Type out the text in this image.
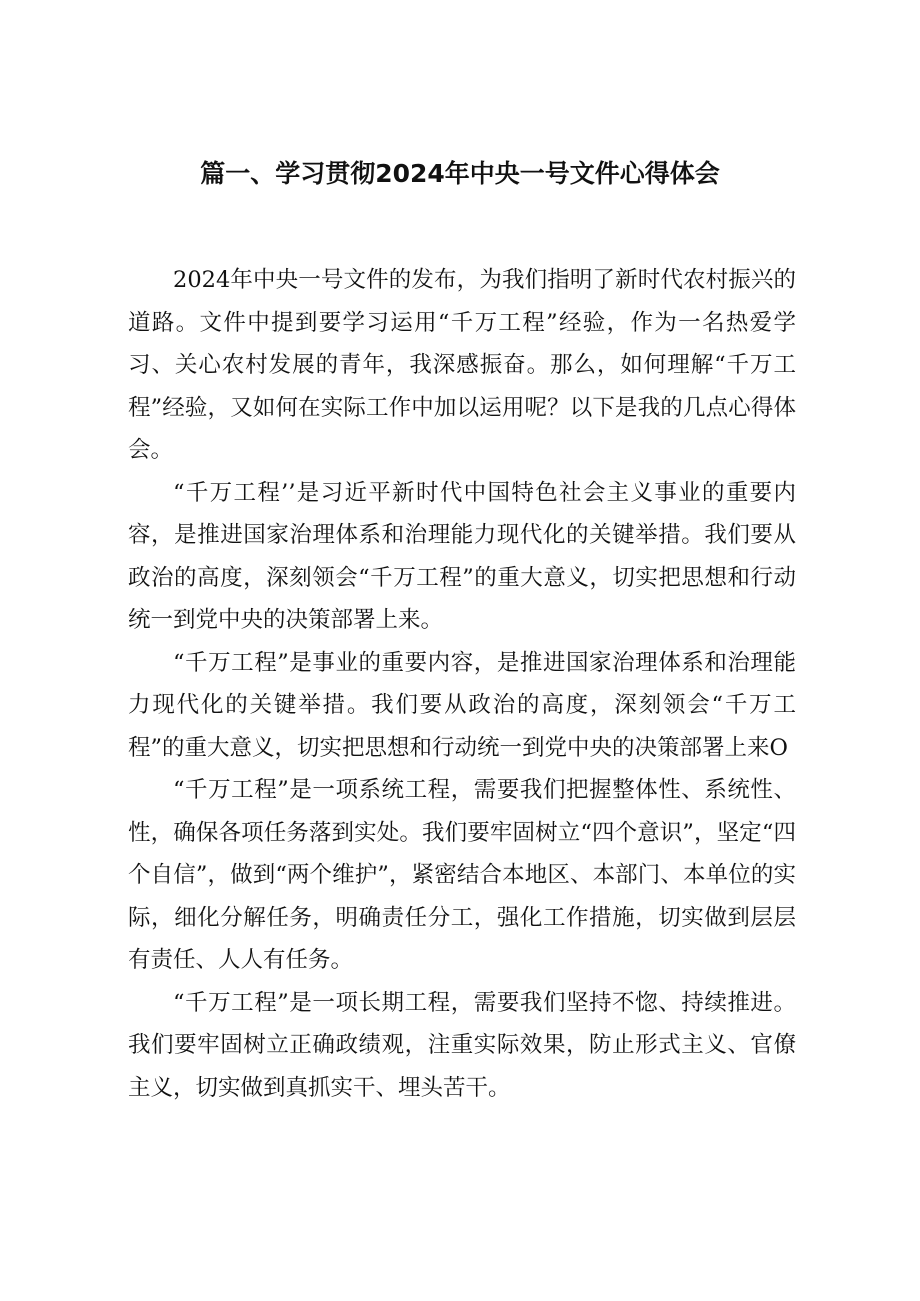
篇一、学习贯彻2024年中央一号文件心得体会

2024年中央一号文件的发布，为我们指明了新时代农村振兴的道路。文件中提到要学习运用“千万工程”经验，作为一名热爱学习、关心农村发展的青年，我深感振奋。那么，如何理解“千万工程”经验，又如何在实际工作中加以运用呢？以下是我的几点心得体会。

“千万工程’’是习近平新时代中国特色社会主义事业的重要内容，是推进国家治理体系和治理能力现代化的关键举措。我们要从政治的高度，深刻领会“千万工程”的重大意义，切实把思想和行动统一到党中央的决策部署上来。

“千万工程”是事业的重要内容，是推进国家治理体系和治理能力现代化的关键举措。我们要从政治的高度，深刻领会“千万工程”的重大意义，切实把思想和行动统一到党中央的决策部署上来O

“千万工程”是一项系统工程，需要我们把握整体性、系统性、性，确保各项任务落到实处。我们要牢固树立“四个意识”，坚定“四个自信”，做到“两个维护”，紧密结合本地区、本部门、本单位的实际，细化分解任务，明确责任分工，强化工作措施，切实做到层层有责任、人人有任务。

“千万工程”是一项长期工程，需要我们坚持不惚、持续推进。我们要牢固树立正确政绩观，注重实际效果，防止形式主义、官僚主义，切实做到真抓实干、埋头苦干。
